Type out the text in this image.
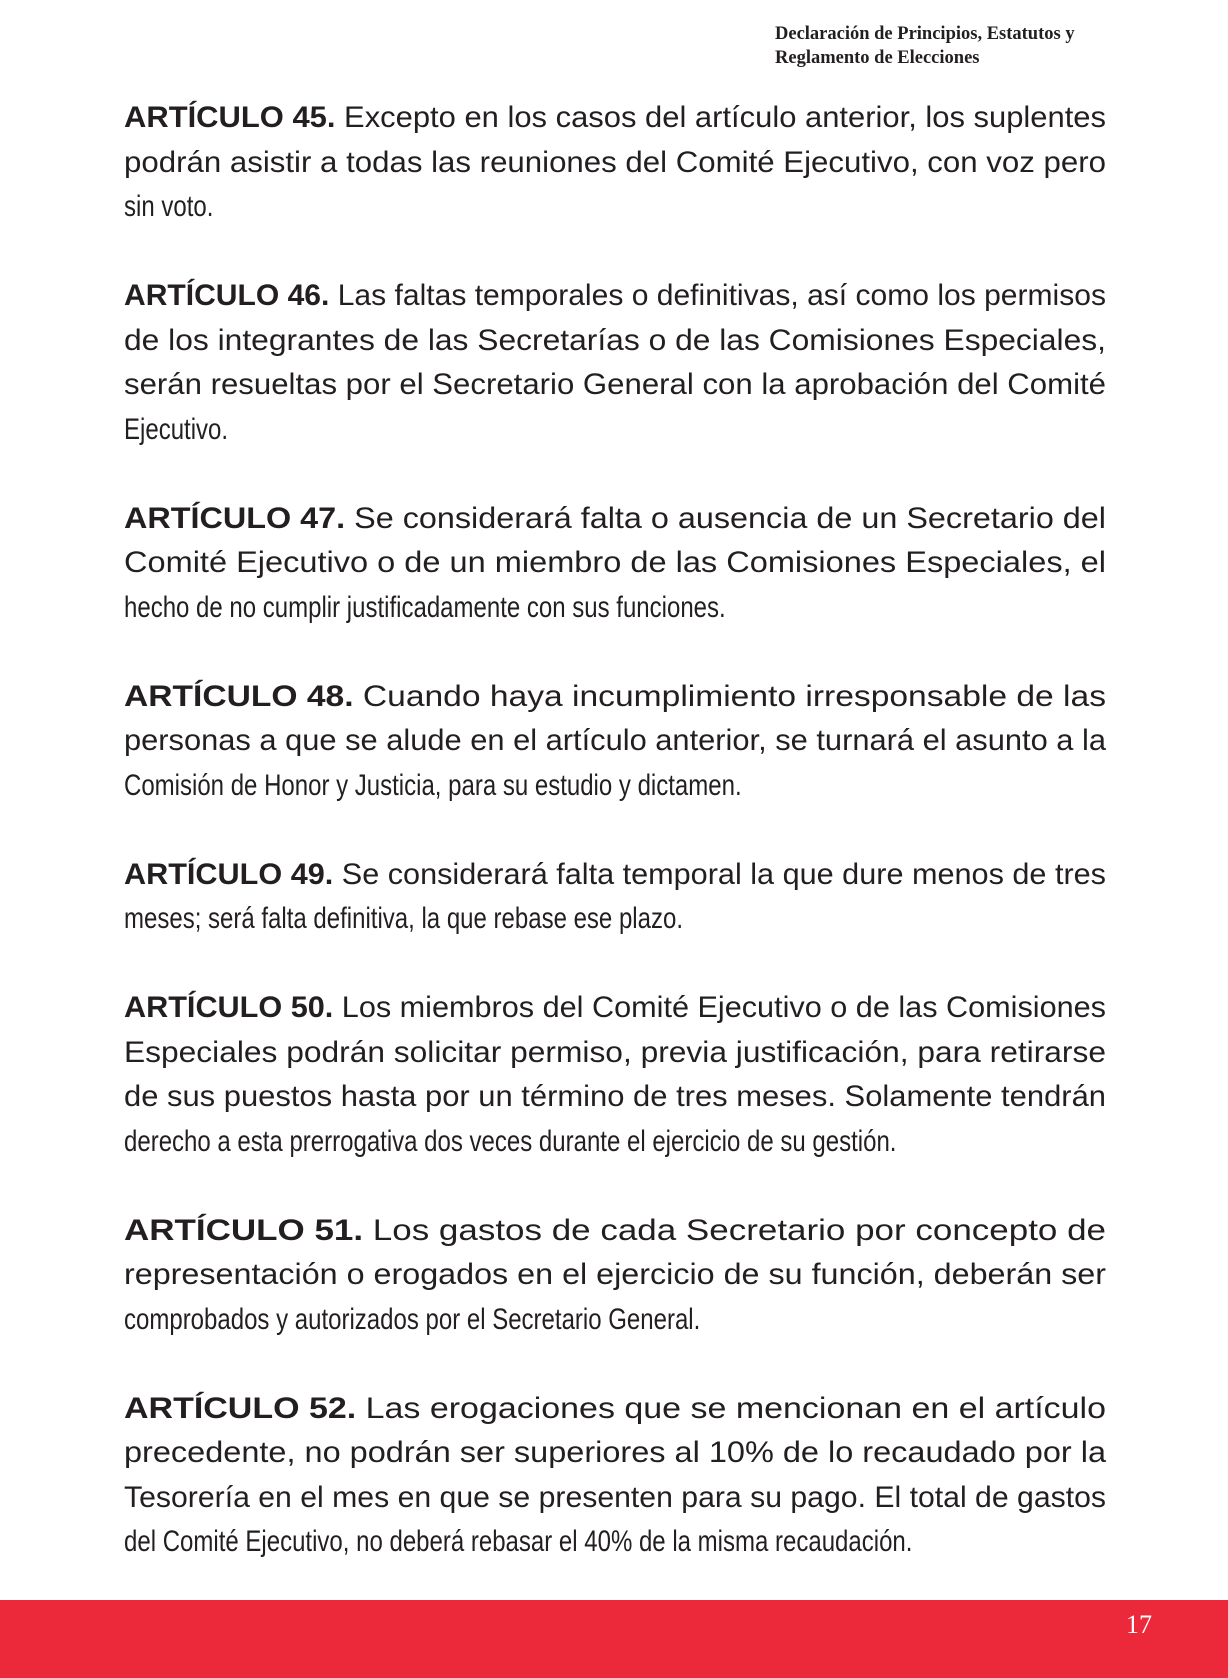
Declaración de Principios, Estatutos y
Reglamento de Elecciones
ARTÍCULO 45. Excepto en los casos del artículo anterior, los suplentes
podrán asistir a todas las reuniones del Comité Ejecutivo, con voz pero
sin voto.
ARTÍCULO 46. Las faltas temporales o definitivas, así como los permisos
de los integrantes de las Secretarías o de las Comisiones Especiales,
serán resueltas por el Secretario General con la aprobación del Comité
Ejecutivo.
ARTÍCULO 47. Se considerará falta o ausencia de un Secretario del
Comité Ejecutivo o de un miembro de las Comisiones Especiales, el
hecho de no cumplir justificadamente con sus funciones.
ARTÍCULO 48. Cuando haya incumplimiento irresponsable de las
personas a que se alude en el artículo anterior, se turnará el asunto a la
Comisión de Honor y Justicia, para su estudio y dictamen.
ARTÍCULO 49. Se considerará falta temporal la que dure menos de tres
meses; será falta definitiva, la que rebase ese plazo.
ARTÍCULO 50. Los miembros del Comité Ejecutivo o de las Comisiones
Especiales podrán solicitar permiso, previa justificación, para retirarse
de sus puestos hasta por un término de tres meses. Solamente tendrán
derecho a esta prerrogativa dos veces durante el ejercicio de su gestión.
ARTÍCULO 51. Los gastos de cada Secretario por concepto de
representación o erogados en el ejercicio de su función, deberán ser
comprobados y autorizados por el Secretario General.
ARTÍCULO 52. Las erogaciones que se mencionan en el artículo
precedente, no podrán ser superiores al 10% de lo recaudado por la
Tesorería en el mes en que se presenten para su pago. El total de gastos
del Comité Ejecutivo, no deberá rebasar el 40% de la misma recaudación.
17
